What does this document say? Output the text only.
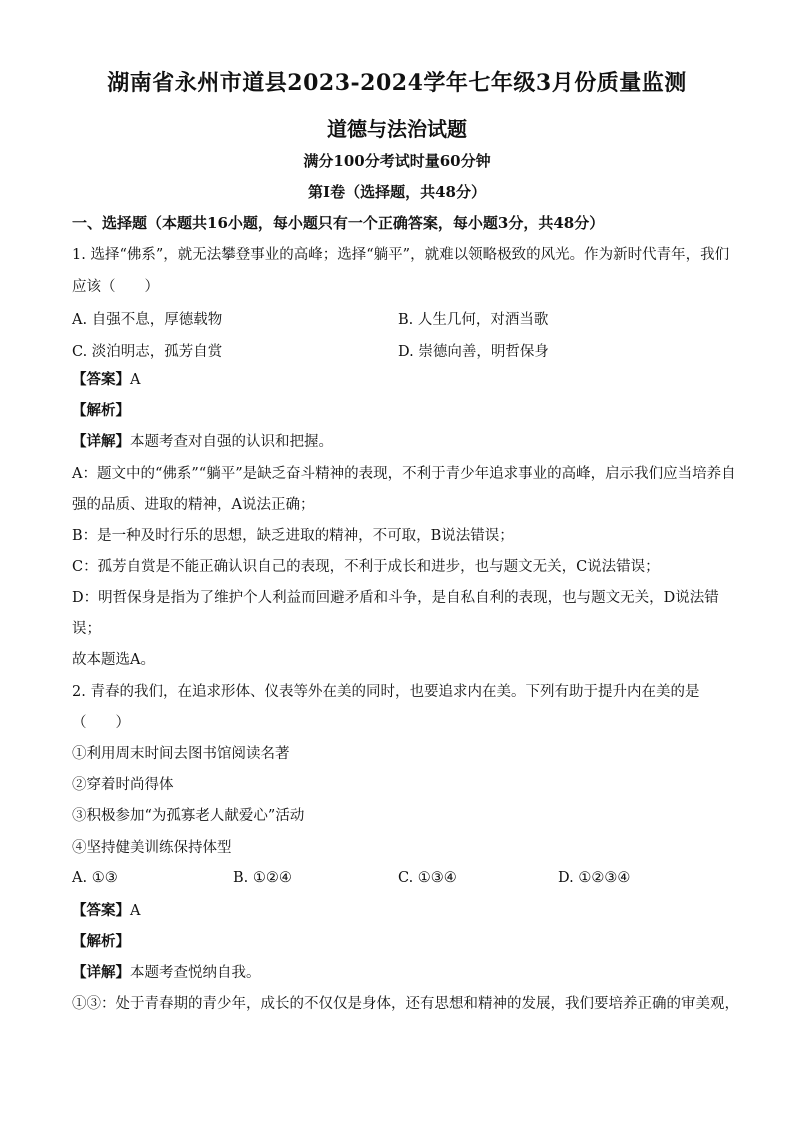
湖南省永州市道县2023-2024学年七年级3月份质量监测
道德与法治试题
满分100分考试时量60分钟
第Ⅰ卷（选择题，共48分）
一、选择题（本题共16小题，每小题只有一个正确答案，每小题3分，共48分）
1. 选择“佛系”，就无法攀登事业的高峰；选择“躺平”，就难以领略极致的风光。作为新时代青年，我们
应该（　　）
A. 自强不息，厚德载物	B. 人生几何，对酒当歌
C. 淡泊明志，孤芳自赏	D. 崇德向善，明哲保身
【答案】A
【解析】
【详解】本题考查对自强的认识和把握。
A：题文中的“佛系”“躺平”是缺乏奋斗精神的表现，不利于青少年追求事业的高峰，启示我们应当培养自
强的品质、进取的精神，A说法正确；
B：是一种及时行乐的思想，缺乏进取的精神，不可取，B说法错误；
C：孤芳自赏是不能正确认识自己的表现，不利于成长和进步，也与题文无关，C说法错误；
D：明哲保身是指为了维护个人利益而回避矛盾和斗争，是自私自利的表现，也与题文无关，D说法错
误；
故本题选A。
2. 青春的我们，在追求形体、仪表等外在美的同时，也要追求内在美。下列有助于提升内在美的是
（　　）
①利用周末时间去图书馆阅读名著
②穿着时尚得体
③积极参加“为孤寡老人献爱心”活动
④坚持健美训练保持体型
A. ①③	B. ①②④	C. ①③④	D. ①②③④
【答案】A
【解析】
【详解】本题考查悦纳自我。
①③：处于青春期的青少年，成长的不仅仅是身体，还有思想和精神的发展，我们要培养正确的审美观，
